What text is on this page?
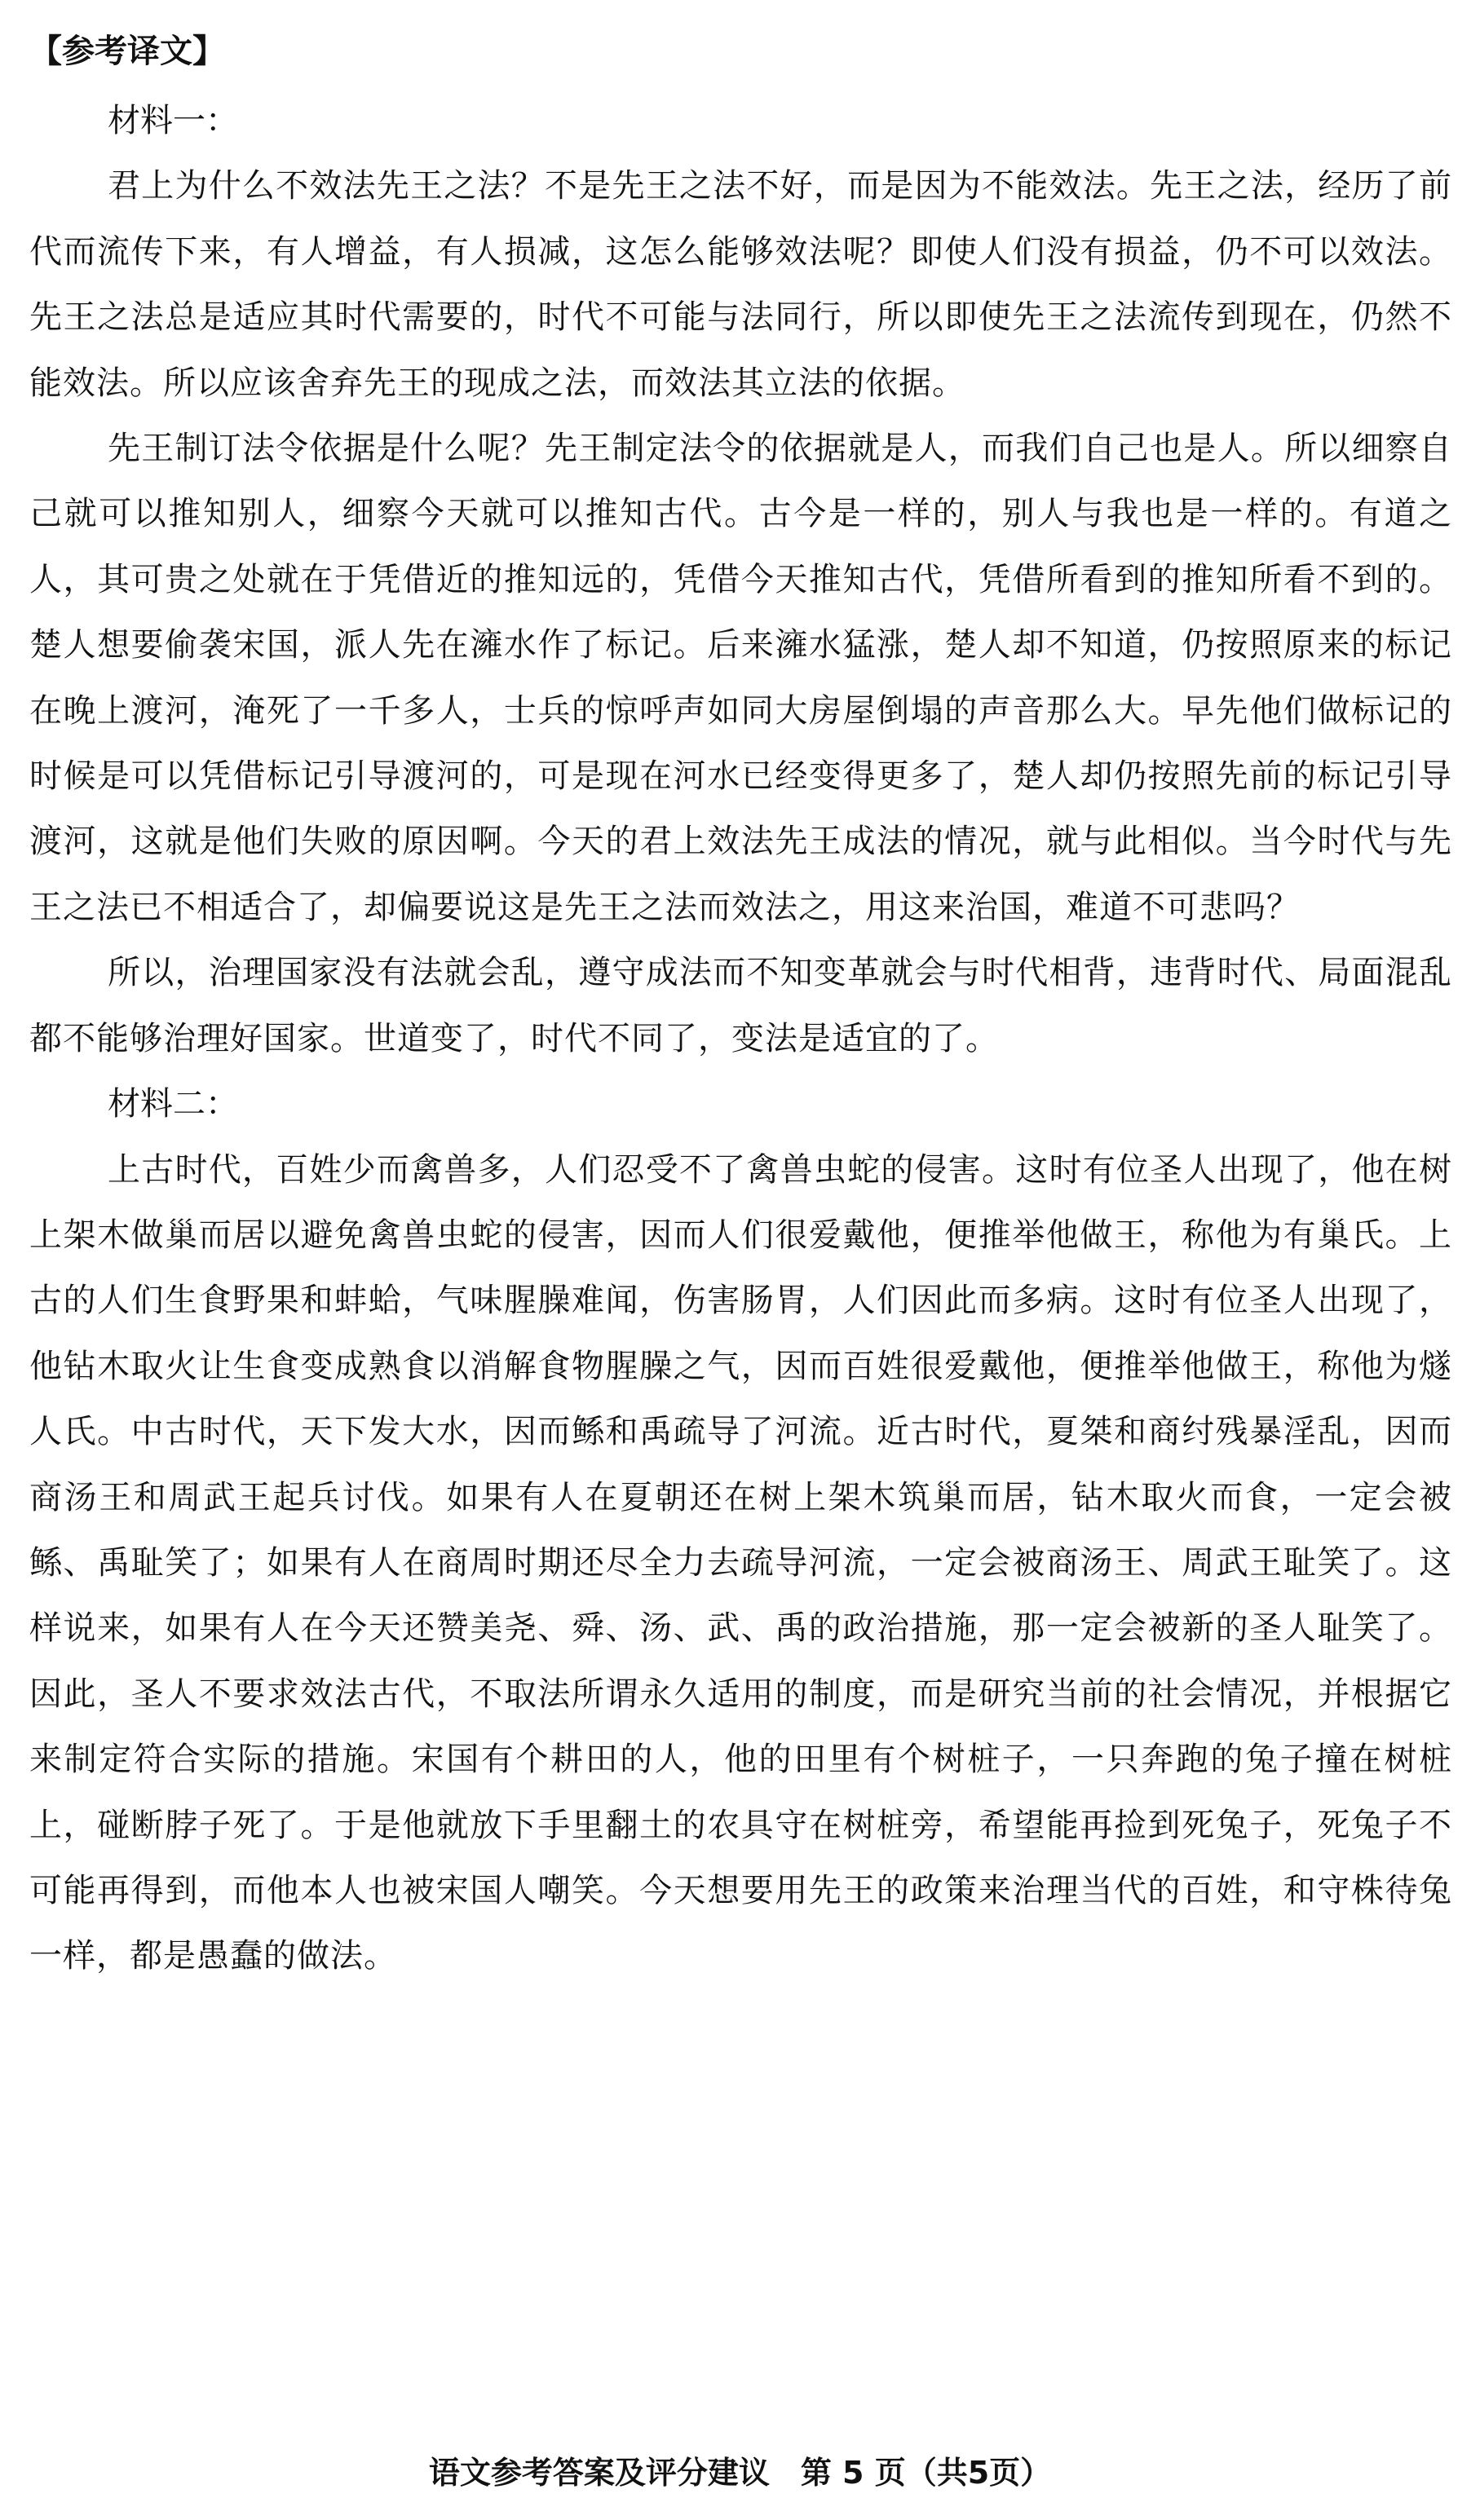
【参考译文】
材料一：

君上为什么不效法先王之法？不是先王之法不好，而是因为不能效法。先王之法，经历了前代而流传下来，有人增益，有人损减，这怎么能够效法呢？即使人们没有损益，仍不可以效法。先王之法总是适应其时代需要的，时代不可能与法同行，所以即使先王之法流传到现在，仍然不能效法。所以应该舍弃先王的现成之法，而效法其立法的依据。

先王制订法令依据是什么呢？先王制定法令的依据就是人，而我们自己也是人。所以细察自己就可以推知别人，细察今天就可以推知古代。古今是一样的，别人与我也是一样的。有道之人，其可贵之处就在于凭借近的推知远的，凭借今天推知古代，凭借所看到的推知所看不到的。楚人想要偷袭宋国，派人先在澭水作了标记。后来澭水猛涨，楚人却不知道，仍按照原来的标记在晚上渡河，淹死了一千多人，士兵的惊呼声如同大房屋倒塌的声音那么大。早先他们做标记的时候是可以凭借标记引导渡河的，可是现在河水已经变得更多了，楚人却仍按照先前的标记引导渡河，这就是他们失败的原因啊。今天的君上效法先王成法的情况，就与此相似。当今时代与先王之法已不相适合了，却偏要说这是先王之法而效法之，用这来治国，难道不可悲吗？

所以，治理国家没有法就会乱，遵守成法而不知变革就会与时代相背，违背时代、局面混乱都不能够治理好国家。世道变了，时代不同了，变法是适宜的了。

材料二：

上古时代，百姓少而禽兽多，人们忍受不了禽兽虫蛇的侵害。这时有位圣人出现了，他在树上架木做巢而居以避免禽兽虫蛇的侵害，因而人们很爱戴他，便推举他做王，称他为有巢氏。上古的人们生食野果和蚌蛤，气味腥臊难闻，伤害肠胃，人们因此而多病。这时有位圣人出现了，他钻木取火让生食变成熟食以消解食物腥臊之气，因而百姓很爱戴他，便推举他做王，称他为燧人氏。中古时代，天下发大水，因而鲧和禹疏导了河流。近古时代，夏桀和商纣残暴淫乱，因而商汤王和周武王起兵讨伐。如果有人在夏朝还在树上架木筑巢而居，钻木取火而食，一定会被鲧、禹耻笑了；如果有人在商周时期还尽全力去疏导河流，一定会被商汤王、周武王耻笑了。这样说来，如果有人在今天还赞美尧、舜、汤、武、禹的政治措施，那一定会被新的圣人耻笑了。因此，圣人不要求效法古代，不取法所谓永久适用的制度，而是研究当前的社会情况，并根据它来制定符合实际的措施。宋国有个耕田的人，他的田里有个树桩子，一只奔跑的兔子撞在树桩上，碰断脖子死了。于是他就放下手里翻土的农具守在树桩旁，希望能再捡到死兔子，死兔子不可能再得到，而他本人也被宋国人嘲笑。今天想要用先王的政策来治理当代的百姓，和守株待兔一样，都是愚蠢的做法。

语文参考答案及评分建议　第 5 页（共5页）
